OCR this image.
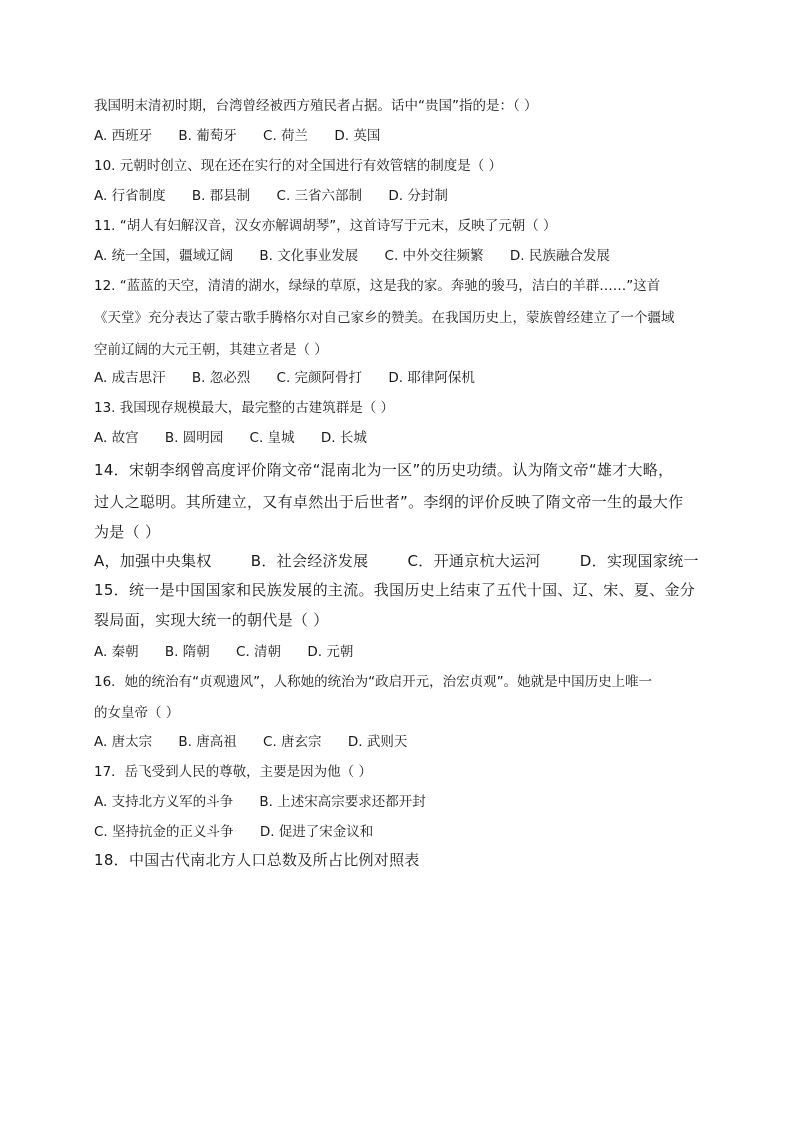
我国明末清初时期，台湾曾经被西方殖民者占据。话中“贵国”指的是：（ ）
A. 西班牙 B. 葡萄牙 C. 荷兰 D. 英国
10. 元朝时创立、现在还在实行的对全国进行有效管辖的制度是（ ）
A. 行省制度 B. 郡县制 C. 三省六部制 D. 分封制
11. “胡人有妇解汉音，汉女亦解调胡琴”，这首诗写于元末，反映了元朝（ ）
A. 统一全国，疆域辽阔 B. 文化事业发展 C. 中外交往频繁 D. 民族融合发展
12. “蓝蓝的天空，清清的湖水，绿绿的草原，这是我的家。奔驰的骏马，洁白的羊群……”这首
《天堂》充分表达了蒙古歌手腾格尔对自己家乡的赞美。在我国历史上，蒙族曾经建立了一个疆域
空前辽阔的大元王朝，其建立者是（ ）
A. 成吉思汗 B. 忽必烈 C. 完颜阿骨打 D. 耶律阿保机
13. 我国现存规模最大，最完整的古建筑群是（ ）
A. 故宫 B. 圆明园 C. 皇城 D. 长城
14．宋朝李纲曾高度评价隋文帝“混南北为一区”的历史功绩。认为隋文帝“雄才大略，
过人之聪明。其所建立，又有卓然出于后世者”。李纲的评价反映了隋文帝一生的最大作
为是（ ）
A，加强中央集权	B．社会经济发展	C．开通京杭大运河	D．实现国家统一
15．统一是中国国家和民族发展的主流。我国历史上结束了五代十国、辽、宋、夏、金分
裂局面，实现大统一的朝代是（ ）
A. 秦朝 B. 隋朝 C. 清朝 D. 元朝
16．她的统治有“贞观遗风”，人称她的统治为“政启开元，治宏贞观”。她就是中国历史上唯一
的女皇帝（ ）
A. 唐太宗 B. 唐高祖 C. 唐玄宗 D. 武则天
17．岳飞受到人民的尊敬，主要是因为他（ ）
A. 支持北方义军的斗争 B. 上述宋高宗要求还都开封
C. 坚持抗金的正义斗争 D. 促进了宋金议和
18．中国古代南北方人口总数及所占比例对照表
